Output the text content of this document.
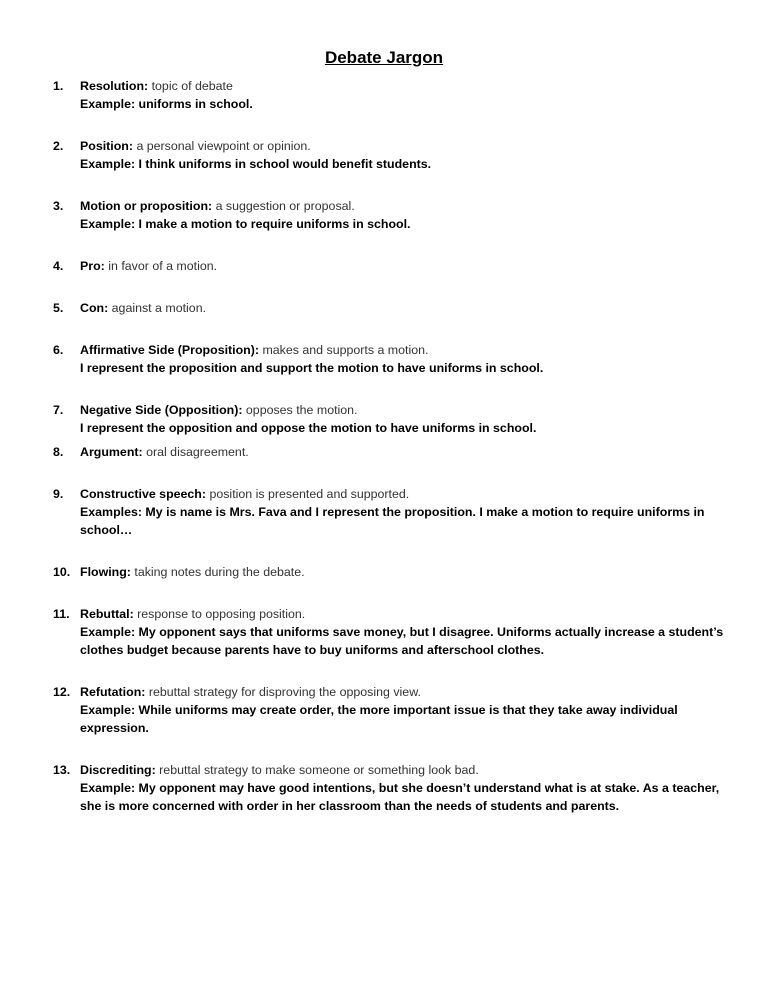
Debate Jargon
1. Resolution: topic of debate
Example: uniforms in school.
2. Position: a personal viewpoint or opinion.
Example: I think uniforms in school would benefit students.
3. Motion or proposition: a suggestion or proposal.
Example: I make a motion to require uniforms in school.
4. Pro: in favor of a motion.
5. Con: against a motion.
6. Affirmative Side (Proposition): makes and supports a motion.
I represent the proposition and support the motion to have uniforms in school.
7. Negative Side (Opposition): opposes the motion.
I represent the opposition and oppose the motion to have uniforms in school.
8. Argument: oral disagreement.
9. Constructive speech: position is presented and supported.
Examples: My is name is Mrs. Fava and I represent the proposition. I make a motion to require uniforms in school…
10. Flowing: taking notes during the debate.
11. Rebuttal: response to opposing position.
Example: My opponent says that uniforms save money, but I disagree. Uniforms actually increase a student’s clothes budget because parents have to buy uniforms and afterschool clothes.
12. Refutation: rebuttal strategy for disproving the opposing view.
Example: While uniforms may create order, the more important issue is that they take away individual expression.
13. Discrediting: rebuttal strategy to make someone or something look bad.
Example: My opponent may have good intentions, but she doesn’t understand what is at stake. As a teacher, she is more concerned with order in her classroom than the needs of students and parents.
